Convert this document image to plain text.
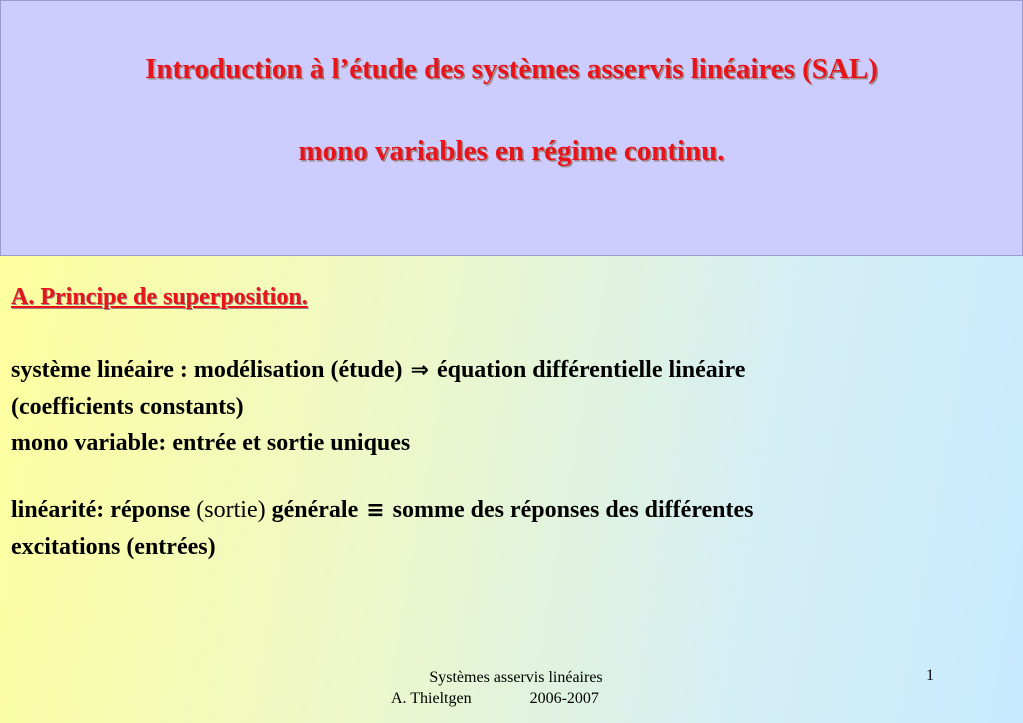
Introduction à l’étude des systèmes asservis linéaires (SAL)
mono variables en régime continu.
A. Principe de superposition.
système linéaire : modélisation (étude) ⇒ équation différentielle linéaire
(coefficients constants)
mono variable: entrée et sortie uniques
linéarité: réponse (sortie) générale ≡ somme des réponses des différentes
excitations (entrées)
Systèmes asservis linéaires
A. Thieltgen	2006-2007
1
